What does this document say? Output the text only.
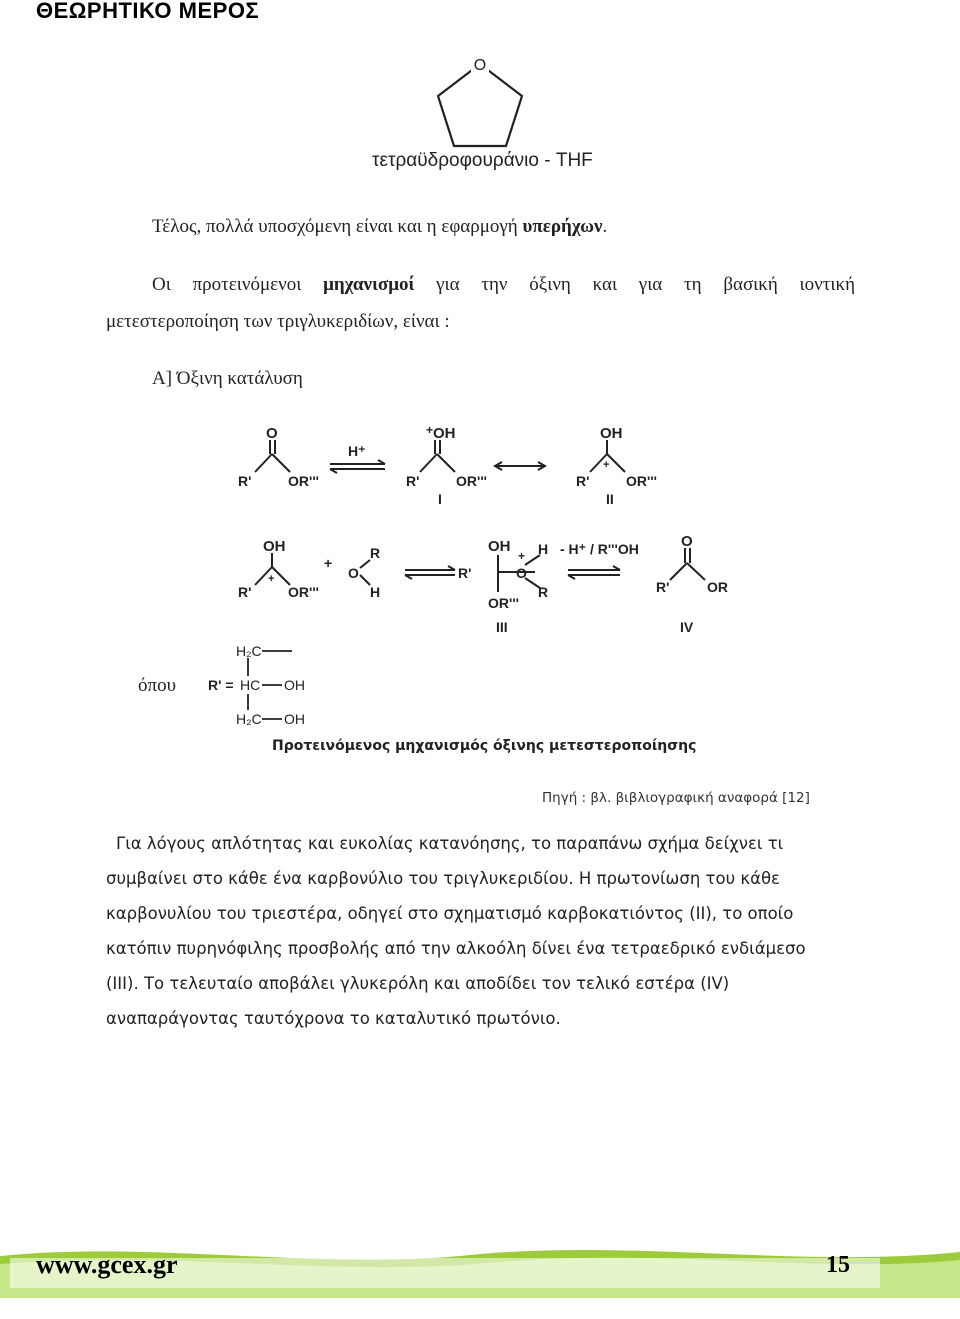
ΘΕΩΡΗΤΙΚΟ ΜΕΡΟΣ
O
τετραϋδροφουράνιο - THF
Τέλος, πολλά υποσχόμενη είναι και η εφαρμογή υπερήχων.
Οι προτεινόμενοι μηχανισμοί για την όξινη και για τη βασική ιοντική
μετεστεροποίηση των τριγλυκεριδίων, είναι :
Α] Όξινη κατάλυση
O
R'	OR'''
H⁺
+ OH
R'	OR'''
I
OH
R'
+
OR'''
II
OH
R'
+
OR'''
+
R
O
H
OH
R'	O
+ H
R
OR'''
III
- H⁺ / R'''OH	O
R'	OR
IV
όπου
H₂C
R' = HC OH
H₂C OH
Προτεινόμενος μηχανισμός όξινης μετεστεροποίησης
Πηγή : βλ. βιβλιογραφική αναφορά [12]
Για λόγους απλότητας και ευκολίας κατανόησης, το παραπάνω σχήμα δείχνει τι
συμβαίνει στο κάθε ένα καρβονύλιο του τριγλυκεριδίου. Η πρωτονίωση του κάθε
καρβονυλίου του τριεστέρα, οδηγεί στο σχηματισμό καρβοκατιόντος (ΙΙ), το οποίο
κατόπιν πυρηνόφιλης προσβολής από την αλκοόλη δίνει ένα τετραεδρικό ενδιάμεσο
(ΙΙΙ). Το τελευταίο αποβάλει γλυκερόλη και αποδίδει τον τελικό εστέρα (ΙV)
αναπαράγοντας ταυτόχρονα το καταλυτικό πρωτόνιο.
www.gcex.gr	15
